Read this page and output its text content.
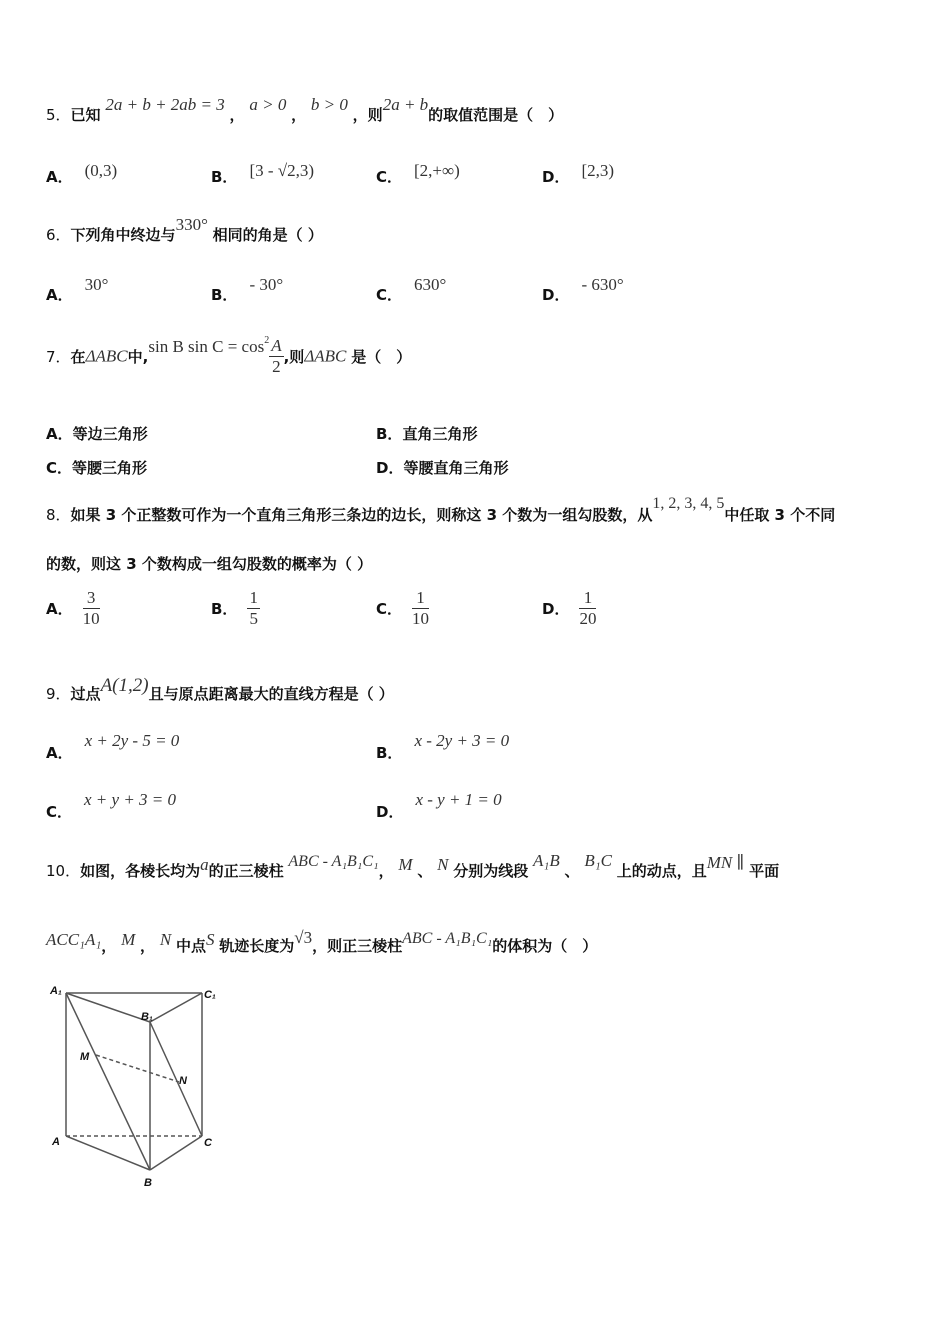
5．已知 2a + b + 2ab = 3 ， a > 0 ， b > 0 ，则2a + b的取值范围是（　）
A． (0,3)	B． [3 - √2,3)	C． [2,+∞)	D． [2,3)
6．下列角中终边与330° 相同的角是（ ）
A．30°
B．- 30°
C．630°
D．- 630°
7．在ΔABC中,sin B $\sin C = \cos^2 \frac{A}{2}$ ,则ΔABC 是（　）
A．等边三角形	B．直角三角形
C．等腰三角形	D．等腰直角三角形
8．如果 3 个正整数可作为一个直角三角形三条边的边长，则称这 3 个数为一组勾股数，从1, 2, 3, 4, 5中任取 3 个不同
的数，则这 3 个数构成一组勾股数的概率为（ ）
A． $\frac{3}{10}$	B． $\frac{1}{5}$	C． $\frac{1}{10}$	D． $\frac{1}{20}$
9．过点A(1,2)且与原点距离最大的直线方程是（ ）
A．x + 2y - 5 = 0
B．x - 2y + 3 = 0
C．x + y + 3 = 0
D．x - y + 1 = 0
10．如图，各棱长均为a的正三棱柱 ABC - A₁B₁C₁， M 、 N 分别为线段 A₁B 、 B₁C 上的动点，且MN ∥ 平面
ACC₁A₁， M ， N 中点S 轨迹长度为√3，则正三棱柱ABC - A₁B₁C₁的体积为（　）
A₁	C₁
B₁
M
N
A	C
B
